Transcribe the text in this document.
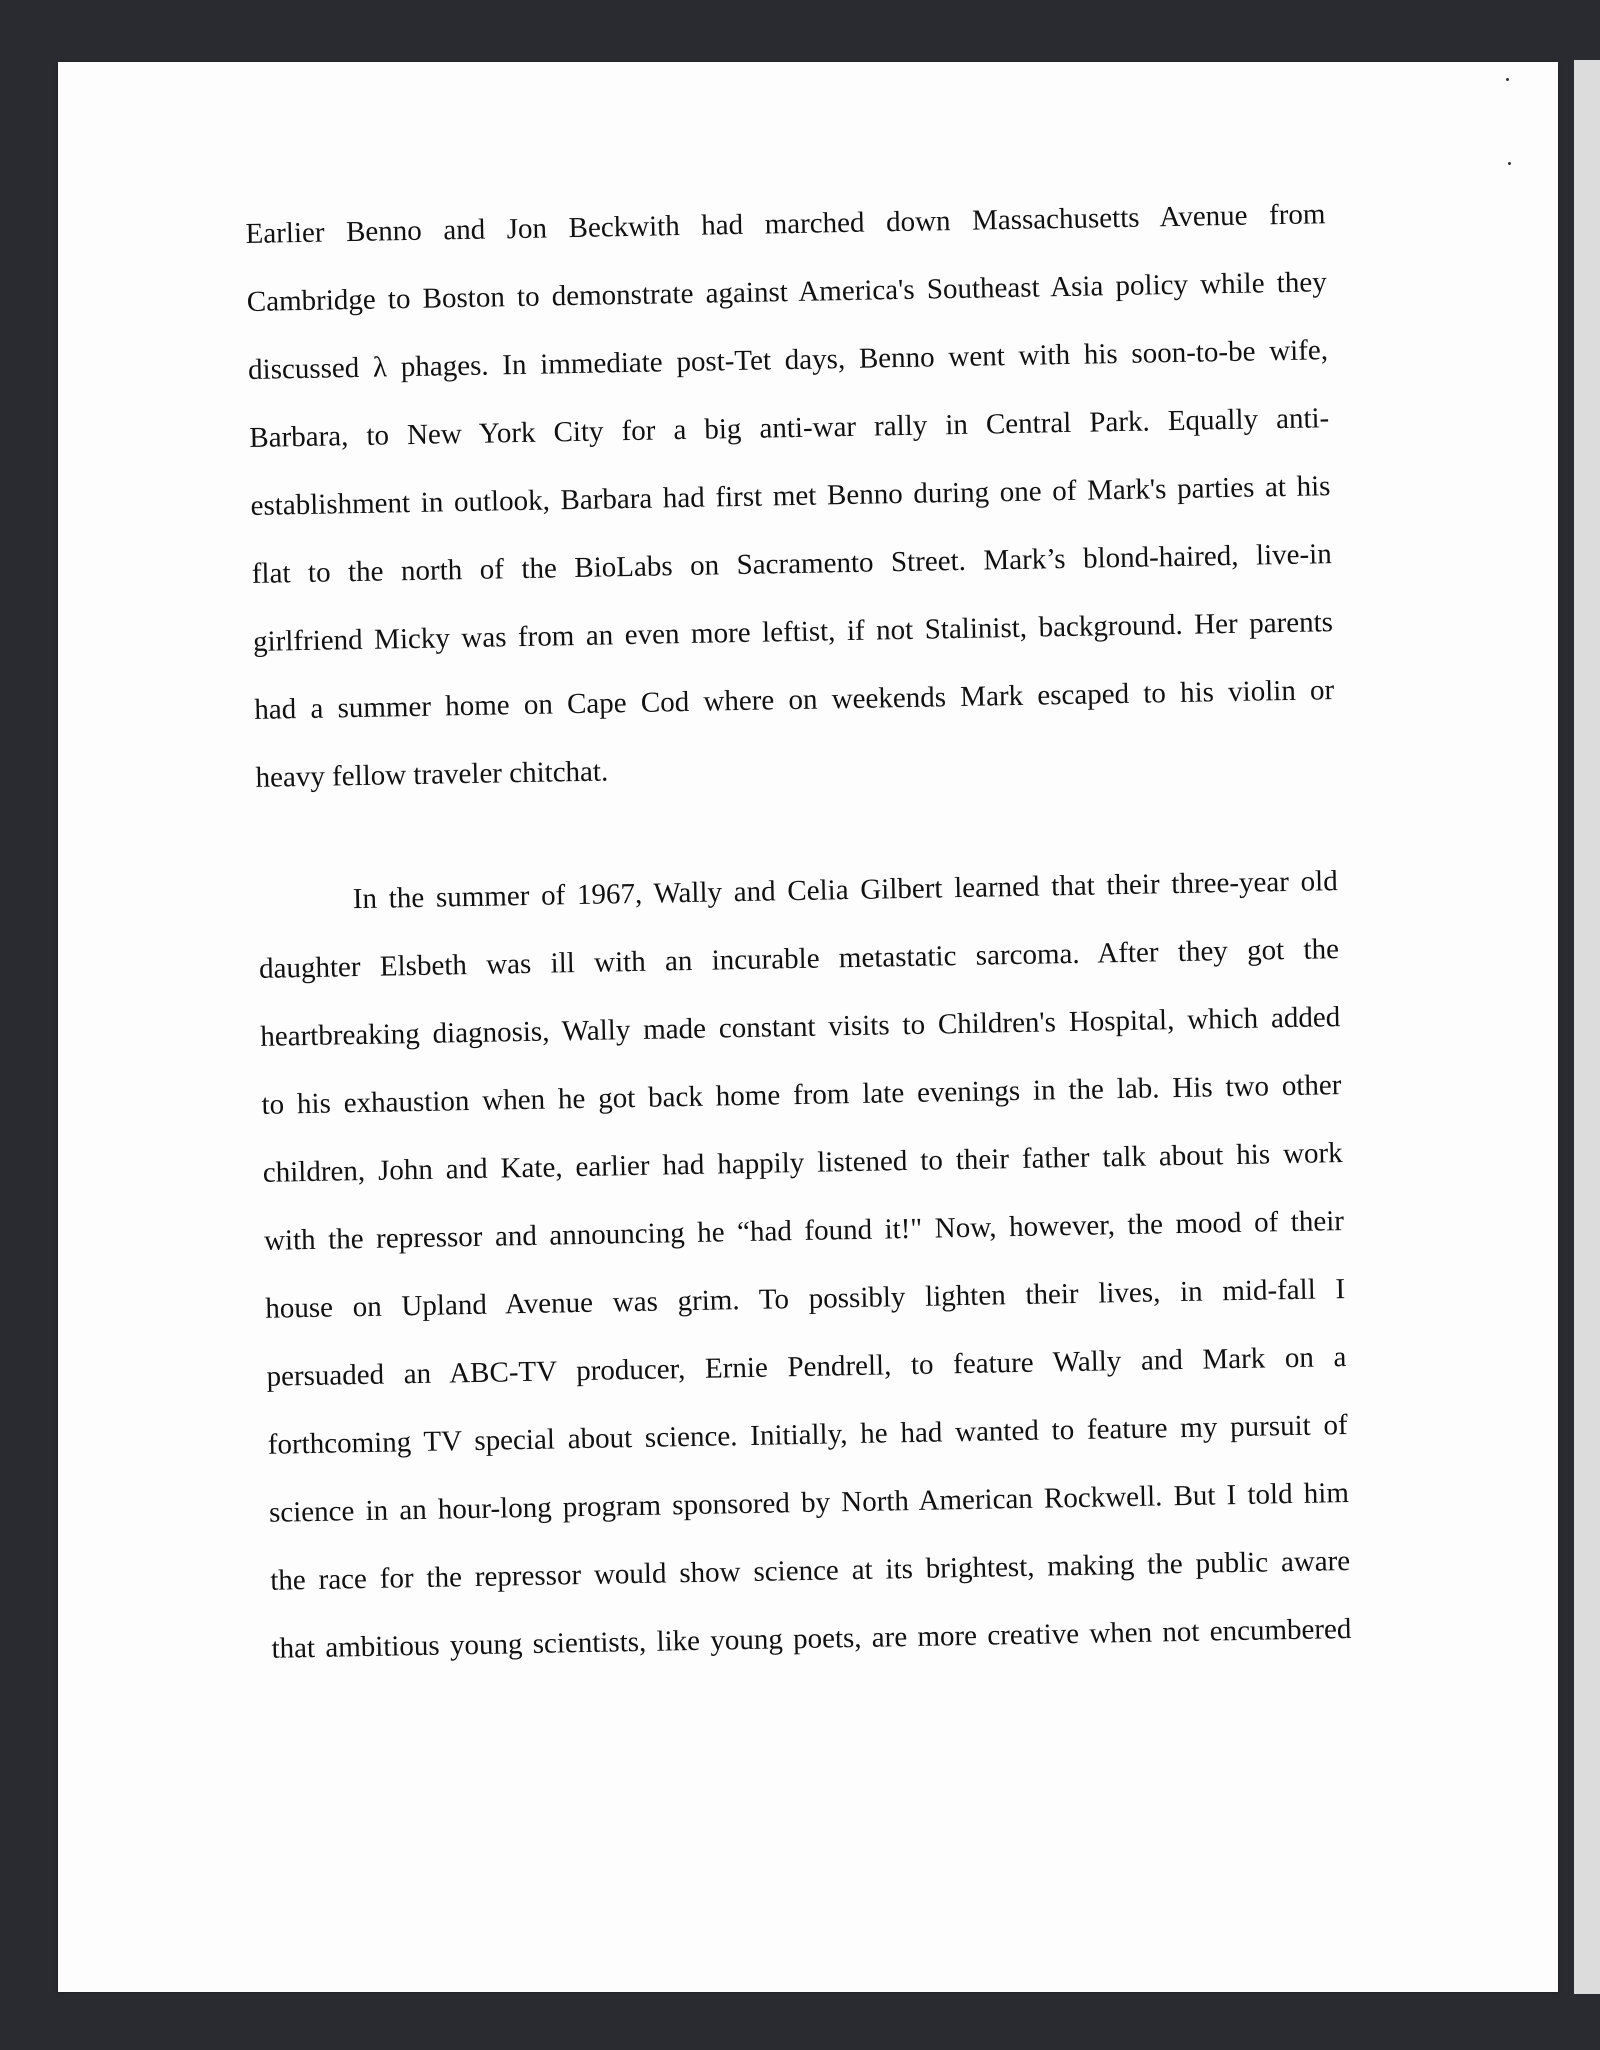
Earlier Benno and Jon Beckwith had marched down Massachusetts Avenue from
Cambridge to Boston to demonstrate against America's Southeast Asia policy while they
discussed λ phages. In immediate post-Tet days, Benno went with his soon-to-be wife,
Barbara, to New York City for a big anti-war rally in Central Park. Equally anti-
establishment in outlook, Barbara had first met Benno during one of Mark's parties at his
flat to the north of the BioLabs on Sacramento Street. Mark’s blond-haired, live-in
girlfriend Micky was from an even more leftist, if not Stalinist, background. Her parents
had a summer home on Cape Cod where on weekends Mark escaped to his violin or
heavy fellow traveler chitchat.
In the summer of 1967, Wally and Celia Gilbert learned that their three-year old
daughter Elsbeth was ill with an incurable metastatic sarcoma. After they got the
heartbreaking diagnosis, Wally made constant visits to Children's Hospital, which added
to his exhaustion when he got back home from late evenings in the lab. His two other
children, John and Kate, earlier had happily listened to their father talk about his work
with the repressor and announcing he “had found it!" Now, however, the mood of their
house on Upland Avenue was grim. To possibly lighten their lives, in mid-fall I
persuaded an ABC-TV producer, Ernie Pendrell, to feature Wally and Mark on a
forthcoming TV special about science. Initially, he had wanted to feature my pursuit of
science in an hour-long program sponsored by North American Rockwell. But I told him
the race for the repressor would show science at its brightest, making the public aware
that ambitious young scientists, like young poets, are more creative when not encumbered
